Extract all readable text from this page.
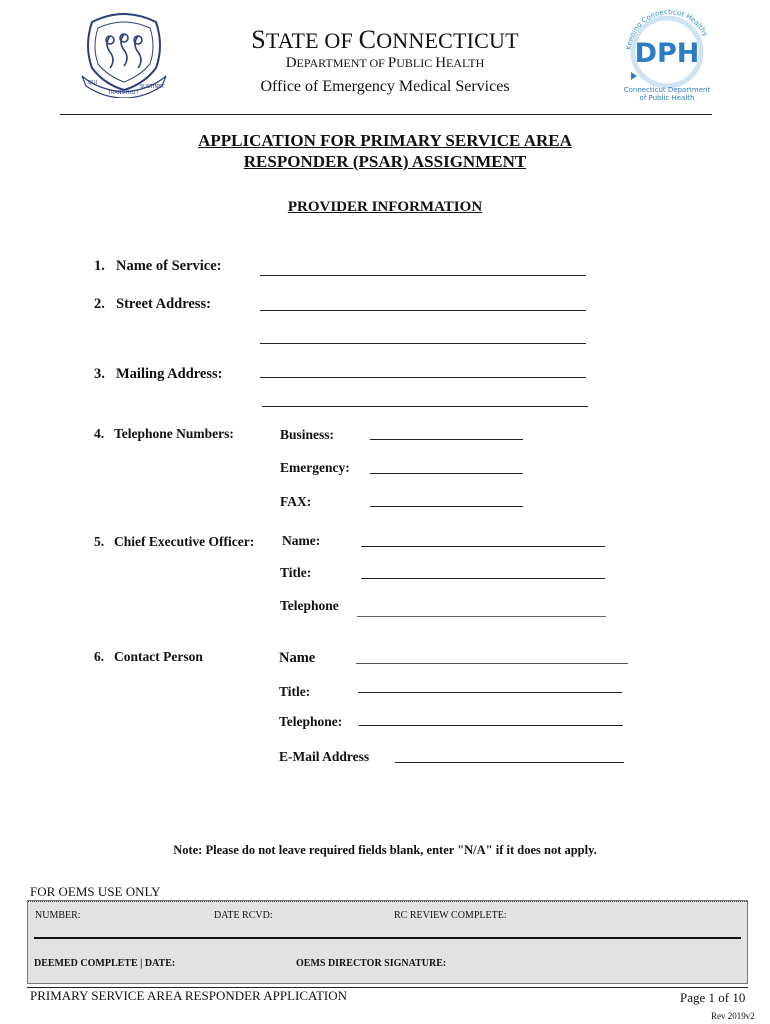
QUI
TRANSTULIT
SUSTINET
Keeping Connecticut Healthy
DPH
Connecticut Department
of Public Health
STATE OF CONNECTICUT
DEPARTMENT OF PUBLIC HEALTH
Office of Emergency Medical Services
APPLICATION FOR PRIMARY SERVICE AREA
RESPONDER (PSAR) ASSIGNMENT
PROVIDER INFORMATION
1. Name of Service:
2. Street Address:
3. Mailing Address:
4. Telephone Numbers:	Business:
Emergency:
FAX:
5. Chief Executive Officer: Name:
Title:
Telephone
6. Contact Person	Name
Title:
Telephone:
E-Mail Address
Note: Please do not leave required fields blank, enter "N/A" if it does not apply.
FOR OEMS USE ONLY
NUMBER:	DATE RCVD:	RC REVIEW COMPLETE:
DEEMED COMPLETE | DATE:	OEMS DIRECTOR SIGNATURE:
PRIMARY SERVICE AREA RESPONDER APPLICATION	Page 1 of 10
Rev 2019v2
